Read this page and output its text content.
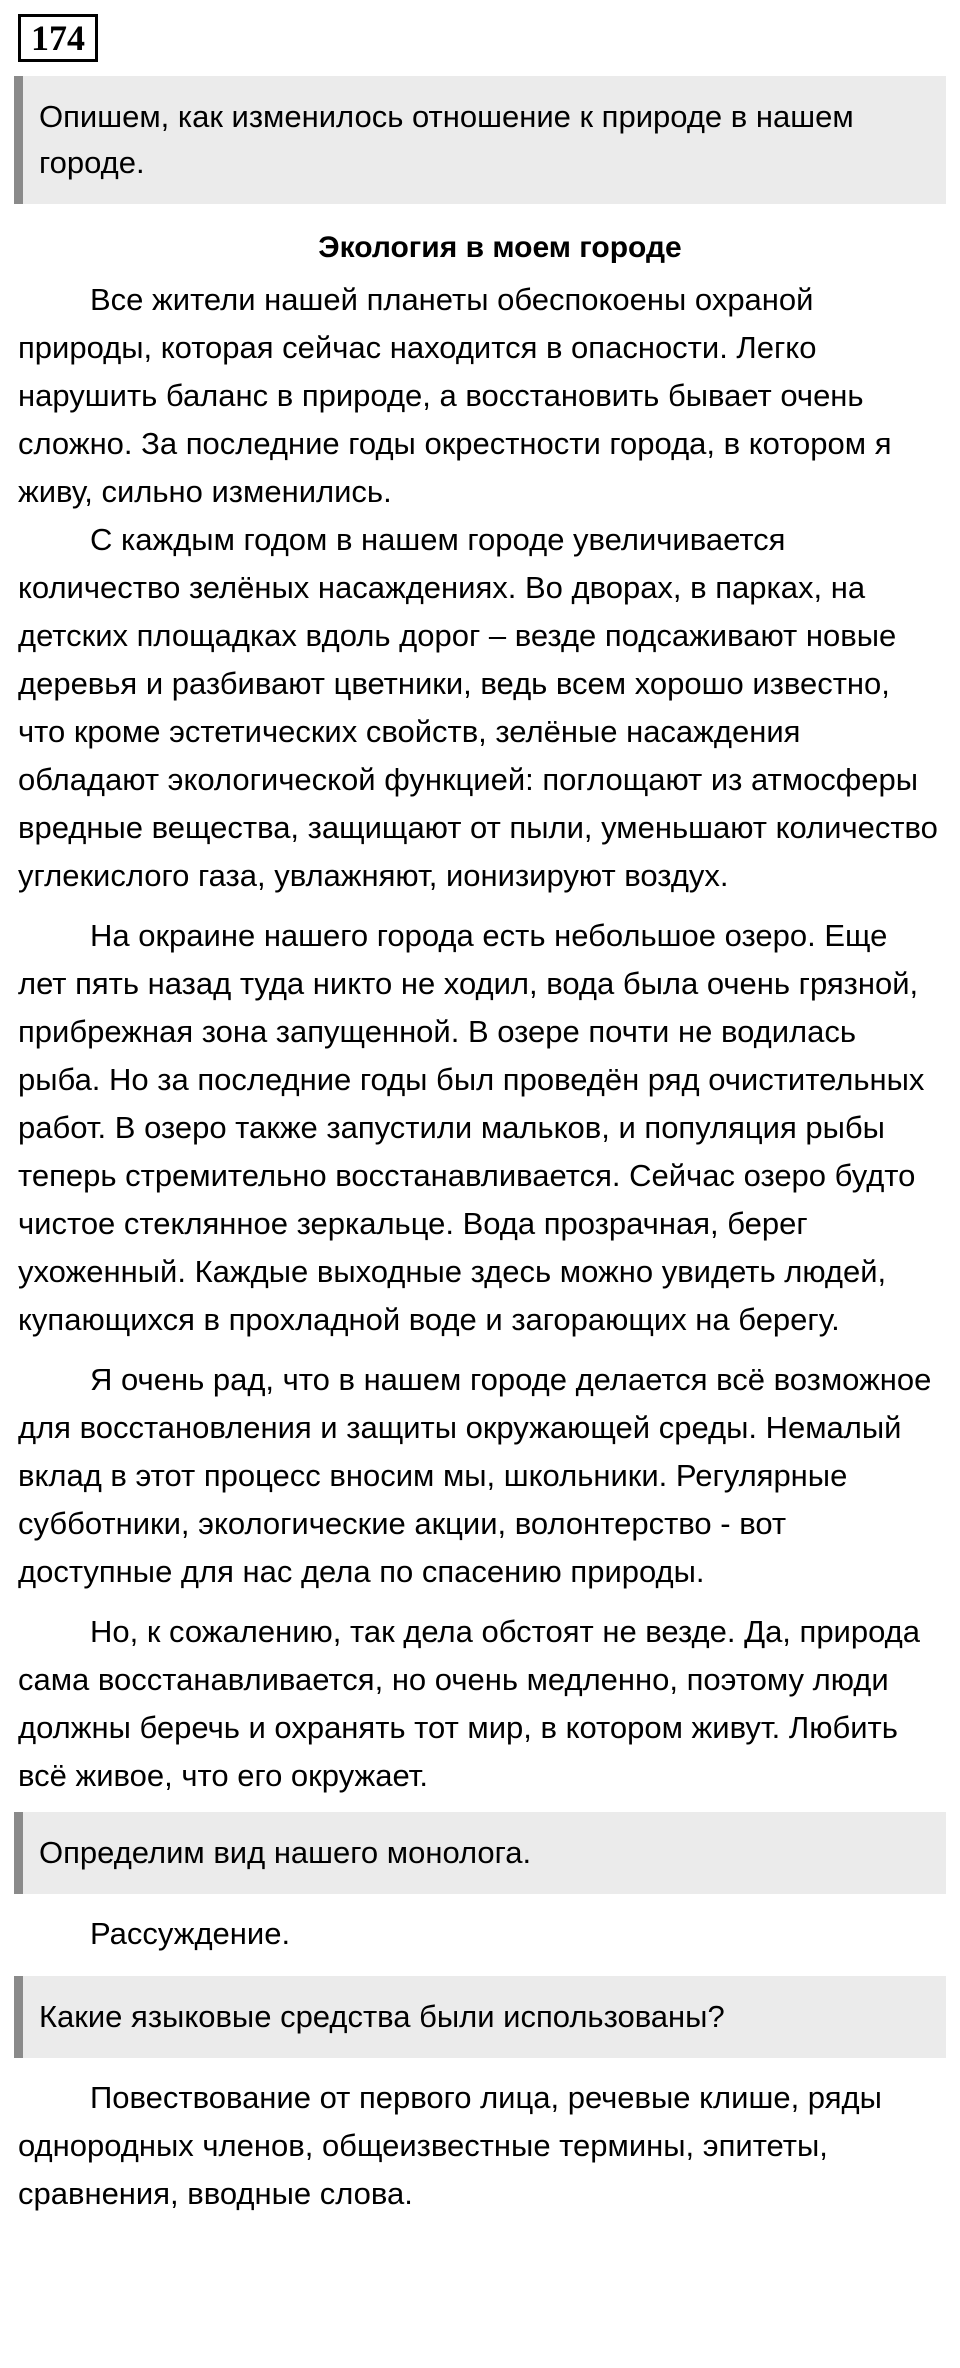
174
Опишем, как изменилось отношение к природе в нашем городе.
Экология в моем городе

Все жители нашей планеты обеспокоены охраной природы, которая сейчас находится в опасности. Легко нарушить баланс в природе, а восстановить бывает очень сложно. За последние годы окрестности города, в котором я живу, сильно изменились.

С каждым годом в нашем городе увеличивается количество зелёных насаждениях. Во дворах, в парках, на детских площадках вдоль дорог – везде подсаживают новые деревья и разбивают цветники, ведь всем хорошо известно, что кроме эстетических свойств, зелёные насаждения обладают экологической функцией: поглощают из атмосферы вредные вещества, защищают от пыли, уменьшают количество углекислого газа, увлажняют, ионизируют воздух.

На окраине нашего города есть небольшое озеро. Еще лет пять назад туда никто не ходил, вода была очень грязной, прибрежная зона запущенной. В озере почти не водилась рыба. Но за последние годы был проведён ряд очистительных работ. В озеро также запустили мальков, и популяция рыбы теперь стремительно восстанавливается. Сейчас озеро будто чистое стеклянное зеркальце. Вода прозрачная, берег ухоженный. Каждые выходные здесь можно увидеть людей, купающихся в прохладной воде и загорающих на берегу.

Я очень рад, что в нашем городе делается всё возможное для восстановления и защиты окружающей среды. Немалый вклад в этот процесс вносим мы, школьники. Регулярные субботники, экологические акции, волонтерство - вот доступные для нас дела по спасению природы.

Но, к сожалению, так дела обстоят не везде. Да, природа сама восстанавливается, но очень медленно, поэтому люди должны беречь и охранять тот мир, в котором живут. Любить всё живое, что его окружает.

Определим вид нашего монолога.

Рассуждение.

Какие языковые средства были использованы?

Повествование от первого лица, речевые клише, ряды однородных членов, общеизвестные термины, эпитеты, сравнения, вводные слова.
